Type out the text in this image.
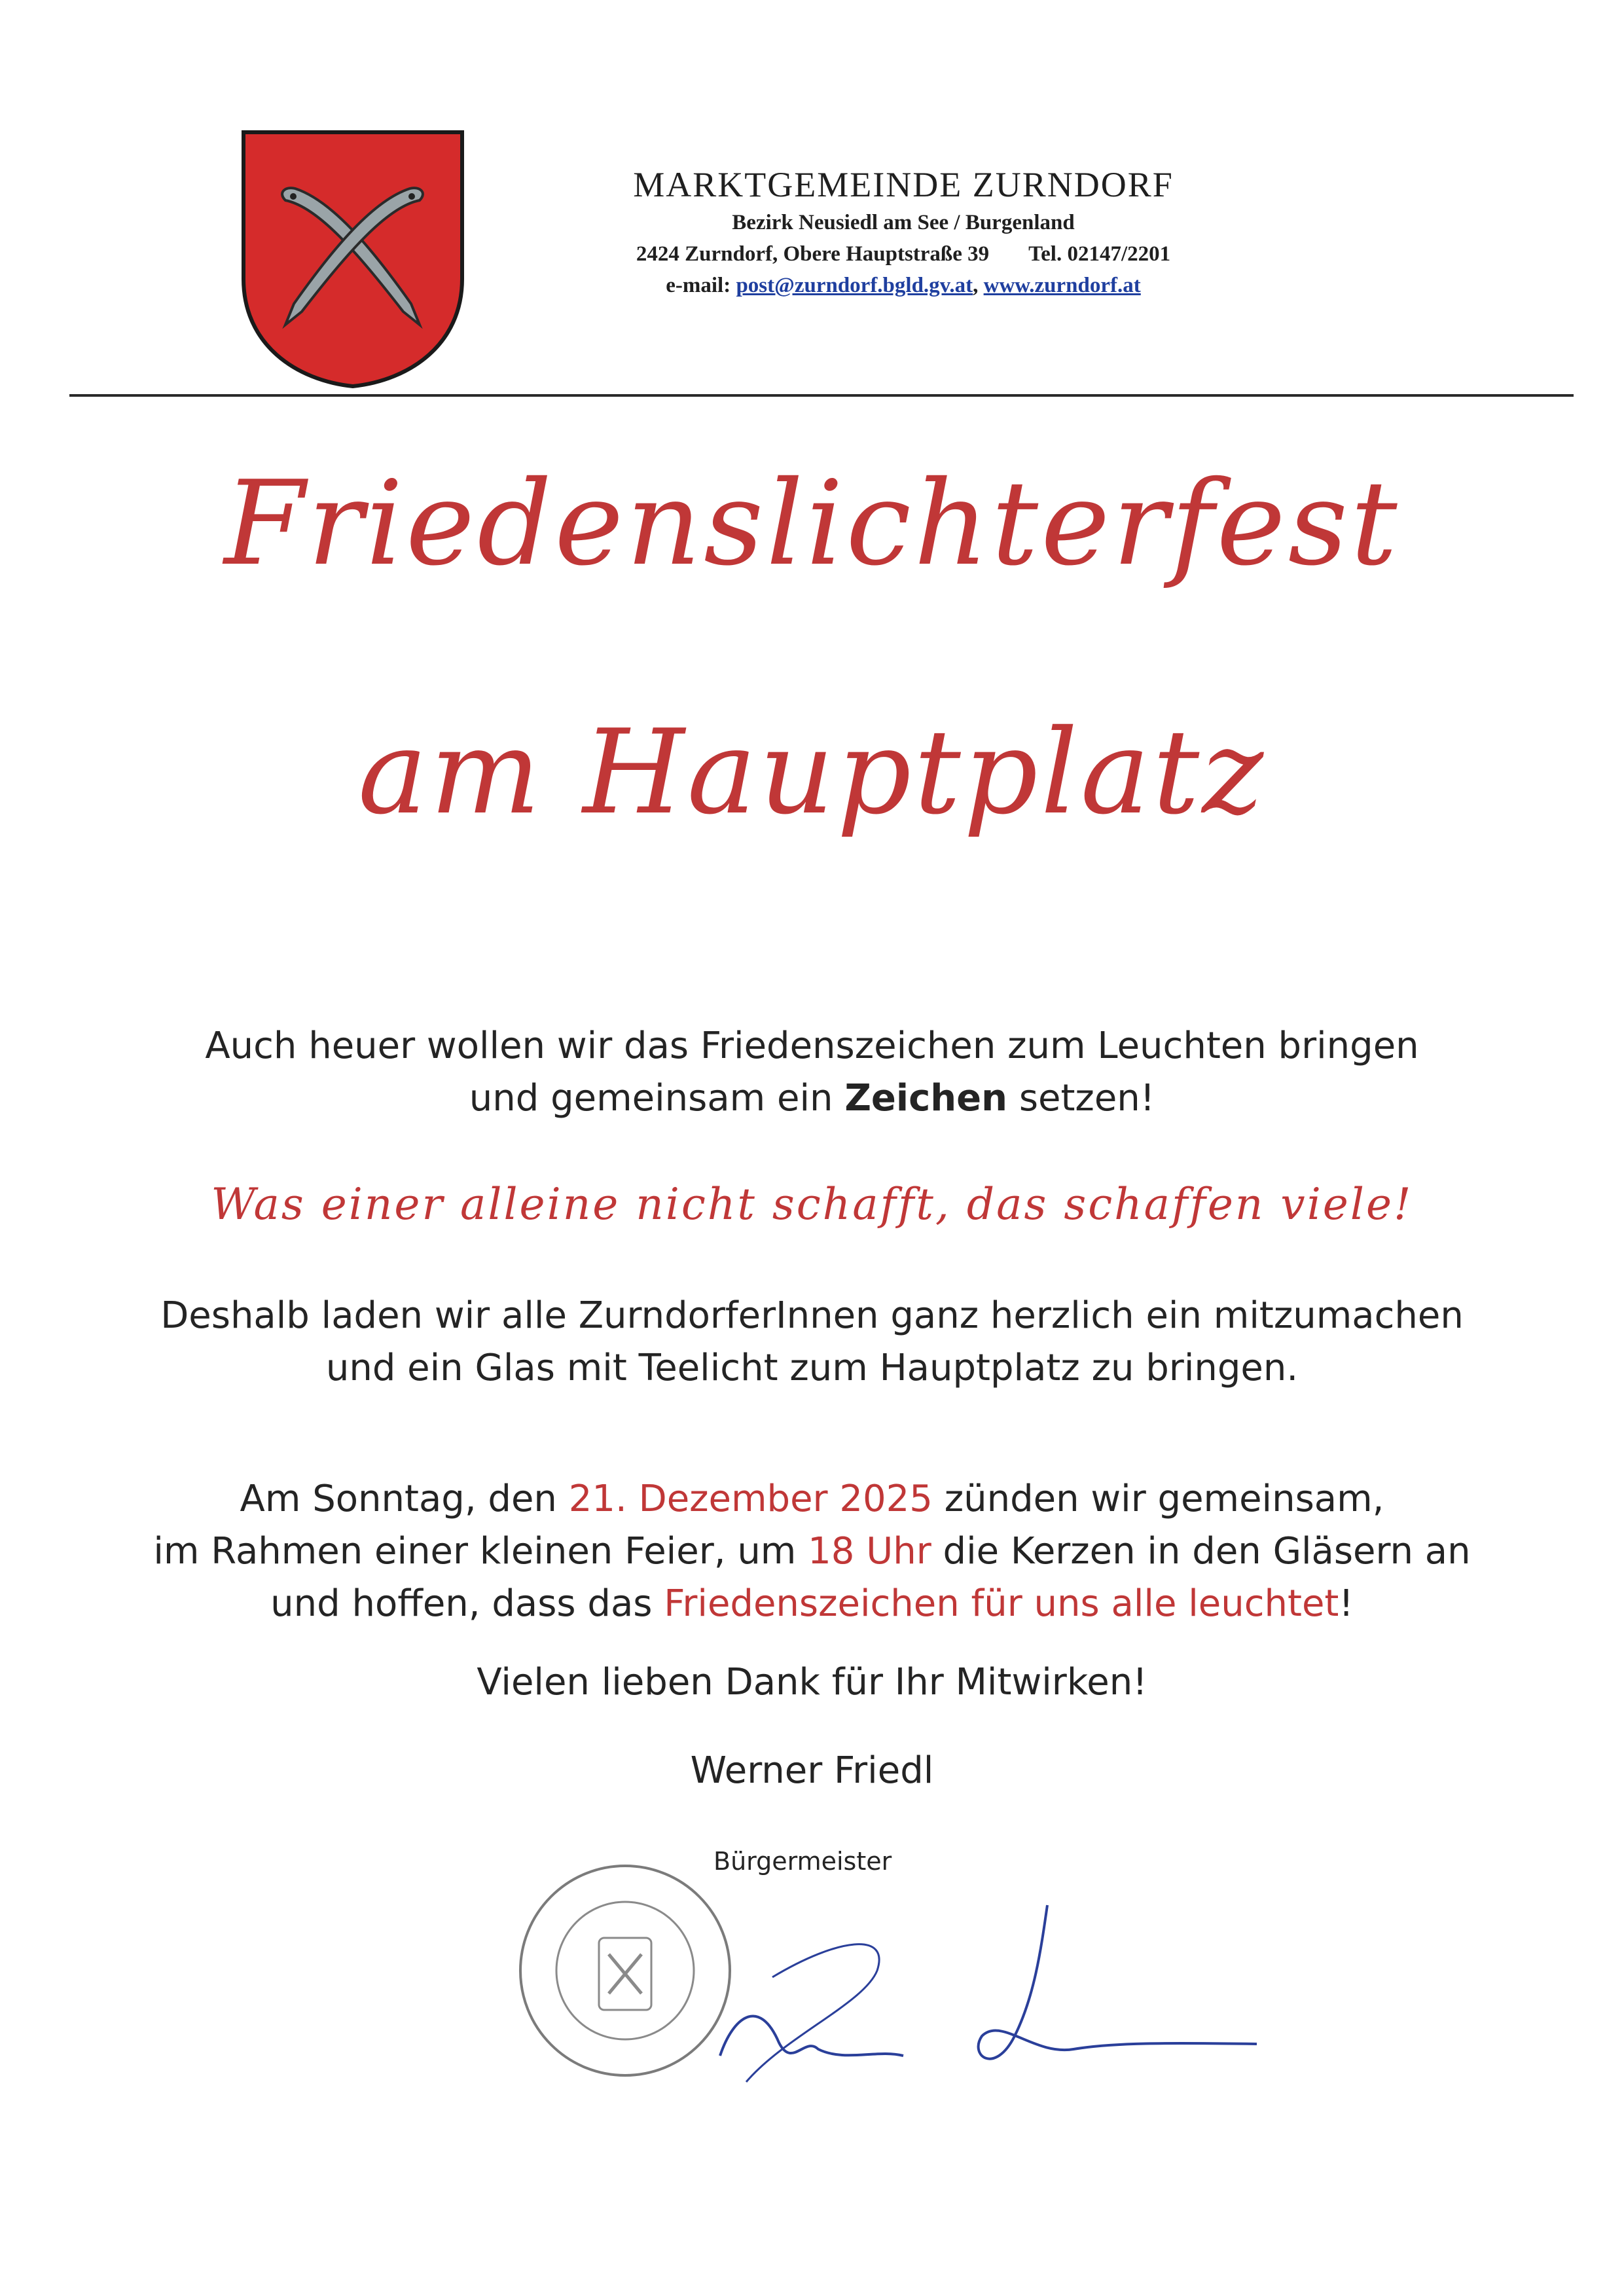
MARKTGEMEINDE ZURNDORF
Bezirk Neusiedl am See / Burgenland
2424 Zurndorf, Obere Hauptstraße 39 Tel. 02147/2201
e-mail: post@zurndorf.bgld.gv.at, www.zurndorf.at
Friedenslichterfest
am Hauptplatz
Auch heuer wollen wir das Friedenszeichen zum Leuchten bringen
und gemeinsam ein Zeichen setzen!
Was einer alleine nicht schafft, das schaffen viele!
Deshalb laden wir alle ZurndorferInnen ganz herzlich ein mitzumachen
und ein Glas mit Teelicht zum Hauptplatz zu bringen.
Am Sonntag, den 21. Dezember 2025 zünden wir gemeinsam,
im Rahmen einer kleinen Feier, um 18 Uhr die Kerzen in den Gläsern an
und hoffen, dass das Friedenszeichen für uns alle leuchtet!
Vielen lieben Dank für Ihr Mitwirken!
Werner Friedl
Bürgermeister
